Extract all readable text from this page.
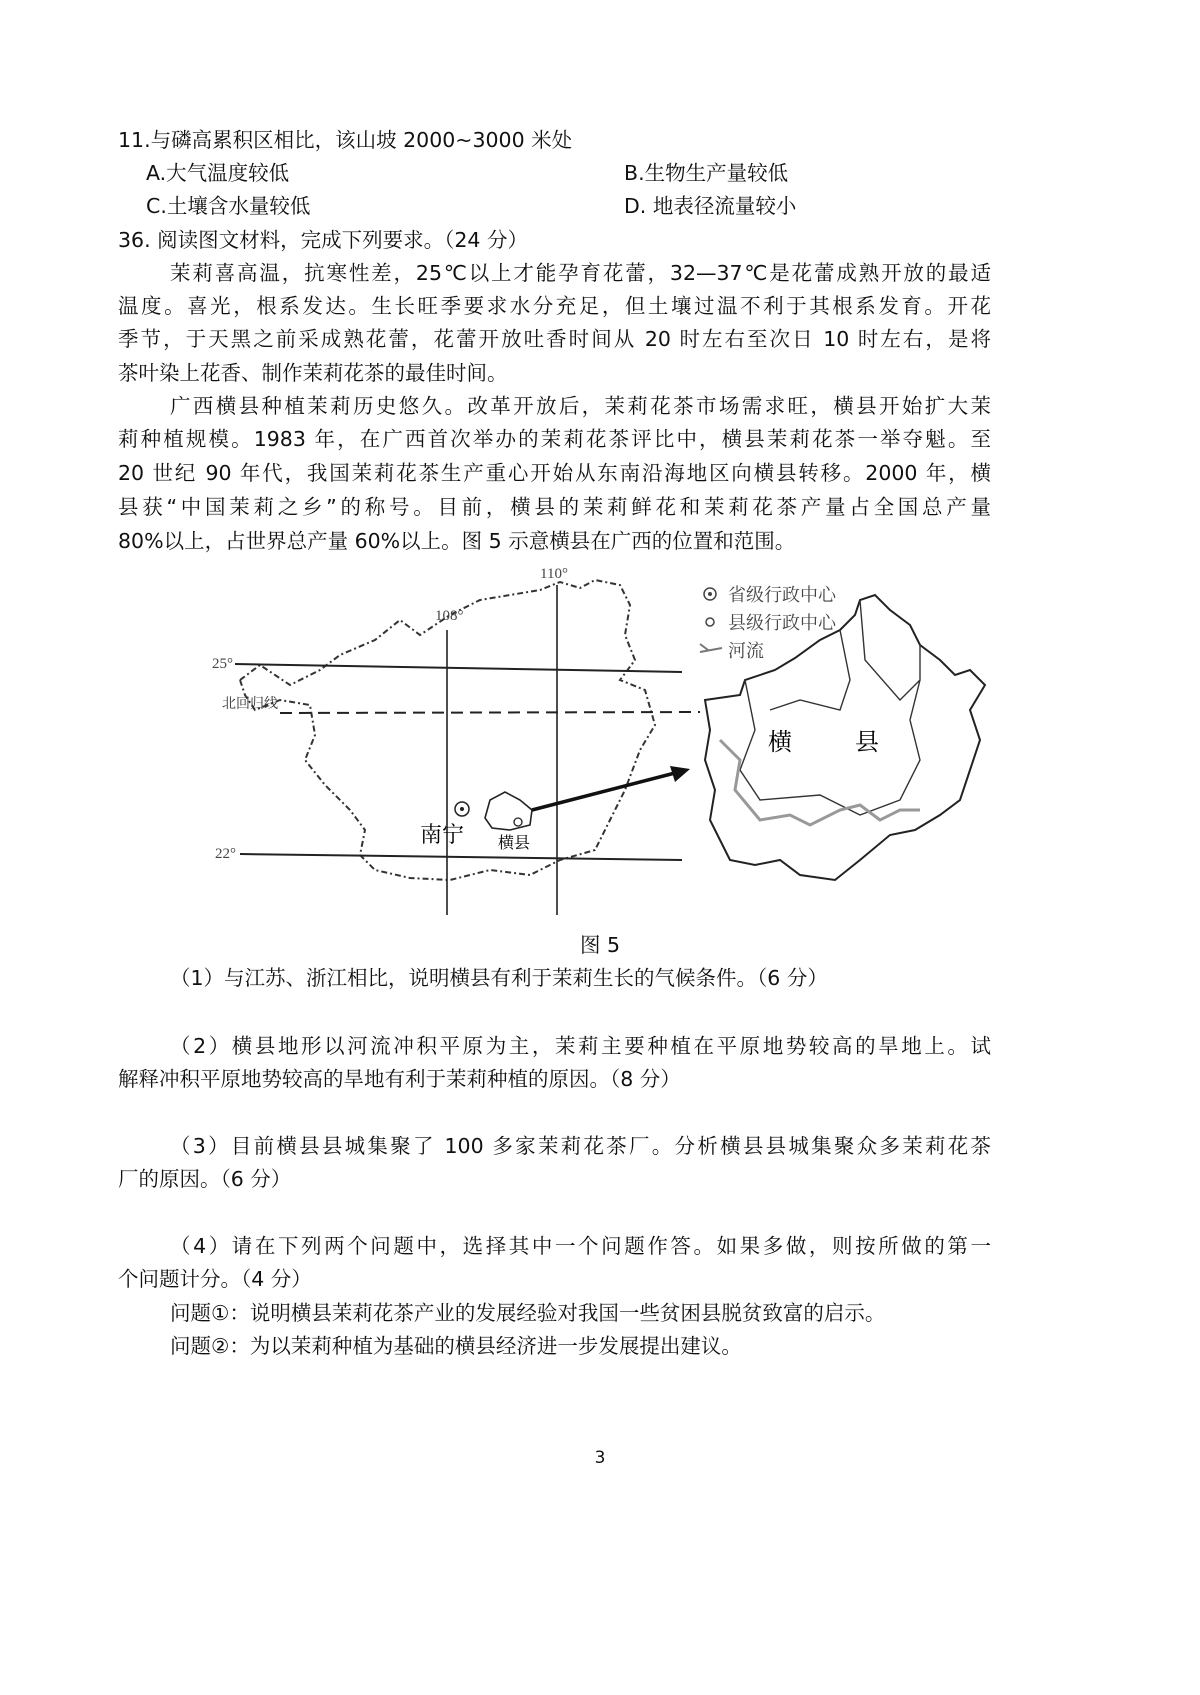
11.与磷高累积区相比，该山坡 2000~3000 米处
A.大气温度较低	B.生物生产量较低
C.土壤含水量较低	D. 地表径流量较小
36. 阅读图文材料，完成下列要求。（24 分）
茉莉喜高温，抗寒性差，25℃以上才能孕育花蕾，32—37℃是花蕾成熟开放的最适
温度。喜光，根系发达。生长旺季要求水分充足，但土壤过温不利于其根系发育。开花
季节，于天黑之前采成熟花蕾，花蕾开放吐香时间从 20 时左右至次日 10 时左右，是将
茶叶染上花香、制作茉莉花茶的最佳时间。
广西横县种植茉莉历史悠久。改革开放后，茉莉花茶市场需求旺，横县开始扩大茉
莉种植规模。1983 年，在广西首次举办的茉莉花茶评比中，横县茉莉花茶一举夺魁。至
20 世纪 90 年代，我国茉莉花茶生产重心开始从东南沿海地区向横县转移。2000 年，横
县获“中国茉莉之乡”的称号。目前，横县的茉莉鲜花和茉莉花茶产量占全国总产量
80%以上，占世界总产量 60%以上。图 5 示意横县在广西的位置和范围。
108°
110°
25°
22°
北回归线
南宁 横县
横	县
省级行政中心
县级行政中心
河流
图 5
（1）与江苏、浙江相比，说明横县有利于茉莉生长的气候条件。（6 分）
（2）横县地形以河流冲积平原为主，茉莉主要种植在平原地势较高的旱地上。试
解释冲积平原地势较高的旱地有利于茉莉种植的原因。（8 分）
（3）目前横县县城集聚了 100 多家茉莉花茶厂。分析横县县城集聚众多茉莉花茶
厂的原因。（6 分）
（4）请在下列两个问题中，选择其中一个问题作答。如果多做，则按所做的第一
个问题计分。（4 分）
问题①：说明横县茉莉花茶产业的发展经验对我国一些贫困县脱贫致富的启示。
问题②：为以茉莉种植为基础的横县经济进一步发展提出建议。
3
